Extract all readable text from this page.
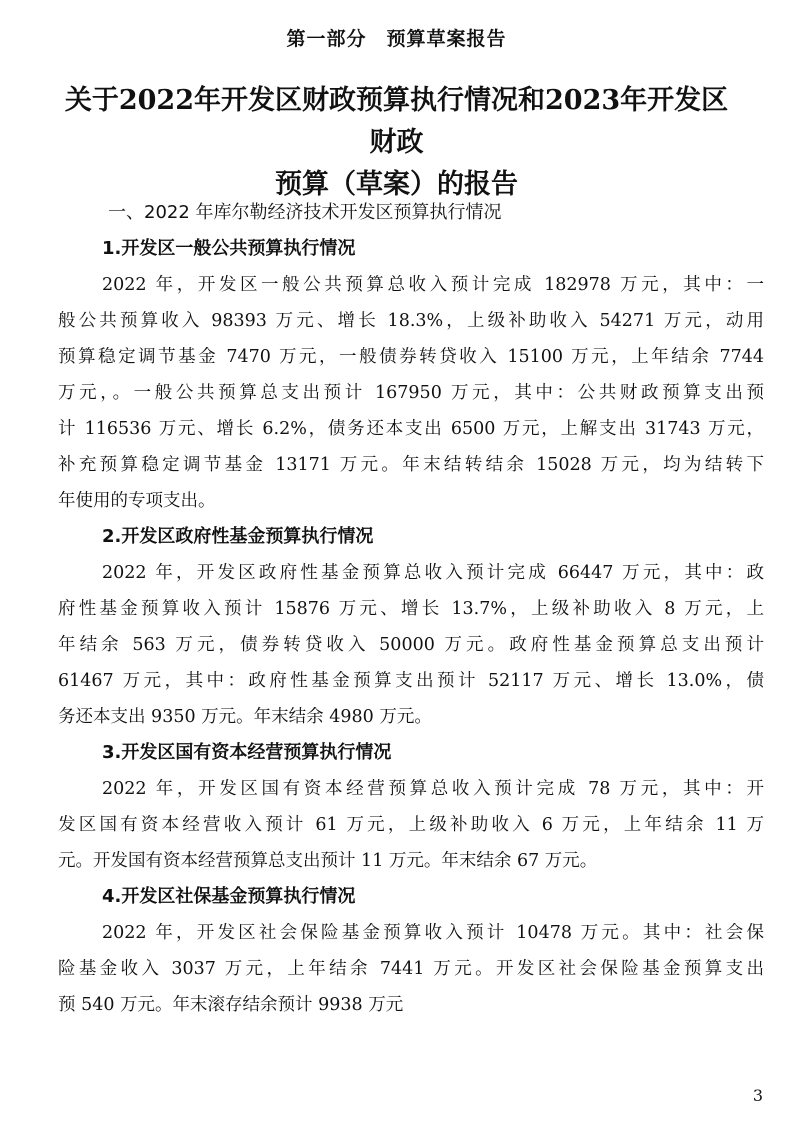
第一部分　预算草案报告
关于2022年开发区财政预算执行情况和2023年开发区财政
预算（草案）的报告
一、2022 年库尔勒经济技术开发区预算执行情况
1.开发区一般公共预算执行情况
2022 年，开发区一般公共预算总收入预计完成 182978 万元，其中：一
般公共预算收入 98393 万元、增长 18.3%，上级补助收入 54271 万元，动用
预算稳定调节基金 7470 万元，一般债券转贷收入 15100 万元，上年结余 7744
万元，。一般公共预算总支出预计 167950 万元，其中：公共财政预算支出预
计 116536 万元、增长 6.2%，债务还本支出 6500 万元，上解支出 31743 万元，
补充预算稳定调节基金 13171 万元。年末结转结余 15028 万元，均为结转下
年使用的专项支出。
2.开发区政府性基金预算执行情况
2022 年，开发区政府性基金预算总收入预计完成 66447 万元，其中：政
府性基金预算收入预计 15876 万元、增长 13.7%，上级补助收入 8 万元，上
年结余 563 万元，债券转贷收入 50000 万元。政府性基金预算总支出预计
61467 万元，其中：政府性基金预算支出预计 52117 万元、增长 13.0%，债
务还本支出 9350 万元。年末结余 4980 万元。
3.开发区国有资本经营预算执行情况
2022 年，开发区国有资本经营预算总收入预计完成 78 万元，其中：开
发区国有资本经营收入预计 61 万元，上级补助收入 6 万元，上年结余 11 万
元。开发国有资本经营预算总支出预计 11 万元。年末结余 67 万元。
4.开发区社保基金预算执行情况
2022 年，开发区社会保险基金预算收入预计 10478 万元。其中：社会保
险基金收入 3037 万元，上年结余 7441 万元。开发区社会保险基金预算支出
预 540 万元。年末滚存结余预计 9938 万元
3
